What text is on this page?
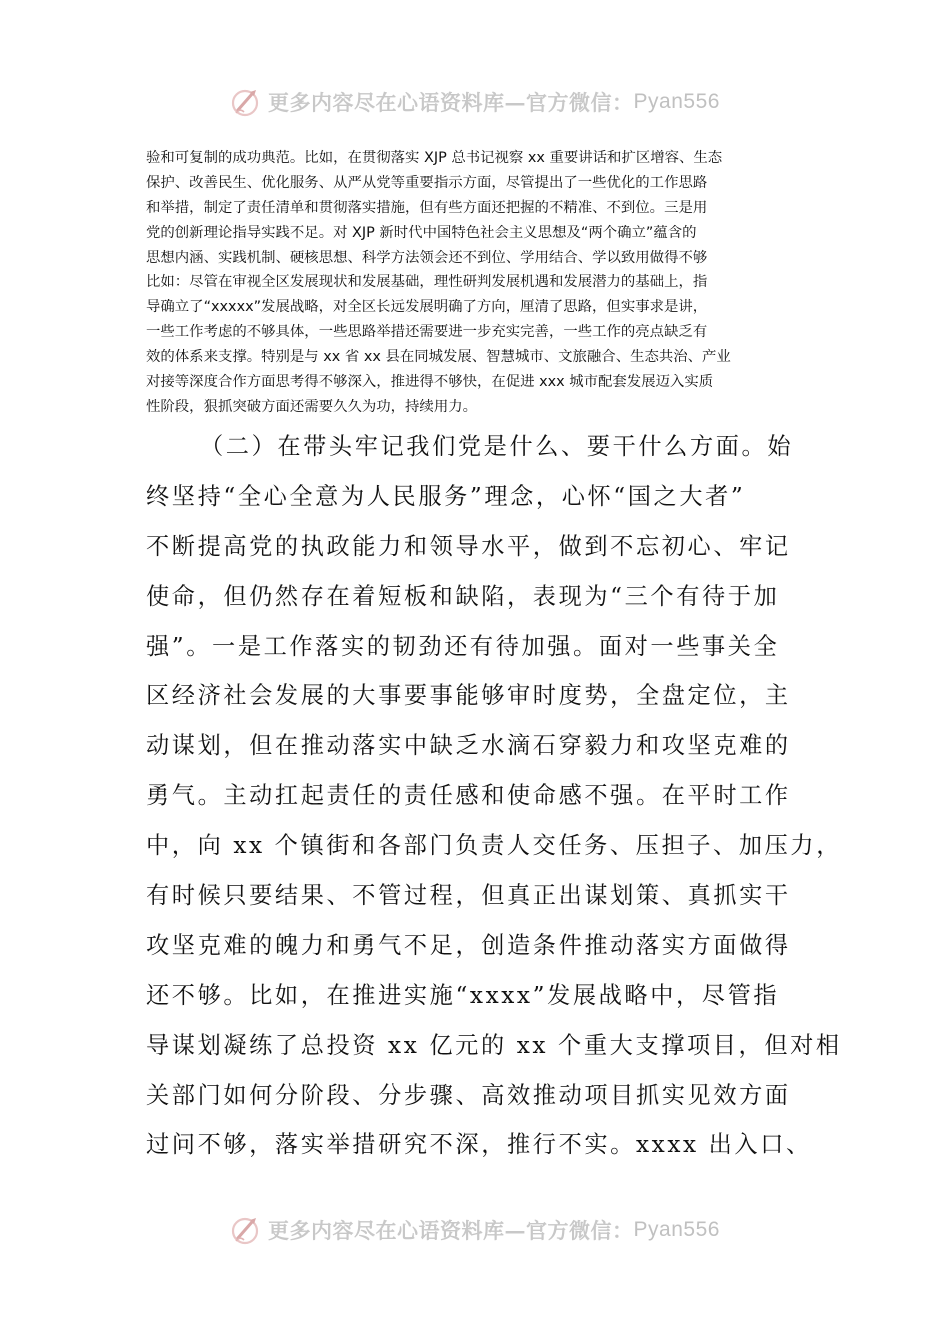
更多内容尽在心语资料库—官方微信： Pyan556
验和可复制的成功典范。比如，在贯彻落实 XJP 总书记视察 xx 重要讲话和扩区增容、生态
保护、改善民生、优化服务、从严从党等重要指示方面，尽管提出了一些优化的工作思路
和举措，制定了责任清单和贯彻落实措施，但有些方面还把握的不精准、不到位。三是用
党的创新理论指导实践不足。对 XJP 新时代中国特色社会主义思想及“两个确立”蕴含的
思想内涵、实践机制、硬核思想、科学方法领会还不到位、学用结合、学以致用做得不够
比如：尽管在审视全区发展现状和发展基础，理性研判发展机遇和发展潜力的基础上，指
导确立了“xxxxx”发展战略，对全区长远发展明确了方向，厘清了思路，但实事求是讲，
一些工作考虑的不够具体，一些思路举措还需要进一步充实完善，一些工作的亮点缺乏有
效的体系来支撑。特别是与 xx 省 xx 县在同城发展、智慧城市、文旅融合、生态共治、产业
对接等深度合作方面思考得不够深入，推进得不够快，在促进 xxx 城市配套发展迈入实质
性阶段，狠抓突破方面还需要久久为功，持续用力。
（二）在带头牢记我们党是什么、要干什么方面。始
终坚持“全心全意为人民服务”理念，心怀“国之大者”
不断提高党的执政能力和领导水平，做到不忘初心、牢记
使命，但仍然存在着短板和缺陷，表现为“三个有待于加
强”。一是工作落实的韧劲还有待加强。面对一些事关全
区经济社会发展的大事要事能够审时度势，全盘定位，主
动谋划，但在推动落实中缺乏水滴石穿毅力和攻坚克难的
勇气。主动扛起责任的责任感和使命感不强。在平时工作
中，向 xx 个镇街和各部门负责人交任务、压担子、加压力，
有时候只要结果、不管过程，但真正出谋划策、真抓实干
攻坚克难的魄力和勇气不足，创造条件推动落实方面做得
还不够。比如，在推进实施“xxxx”发展战略中，尽管指
导谋划凝练了总投资 xx 亿元的 xx 个重大支撑项目，但对相
关部门如何分阶段、分步骤、高效推动项目抓实见效方面
过问不够，落实举措研究不深，推行不实。xxxx 出入口、
更多内容尽在心语资料库—官方微信： Pyan556
